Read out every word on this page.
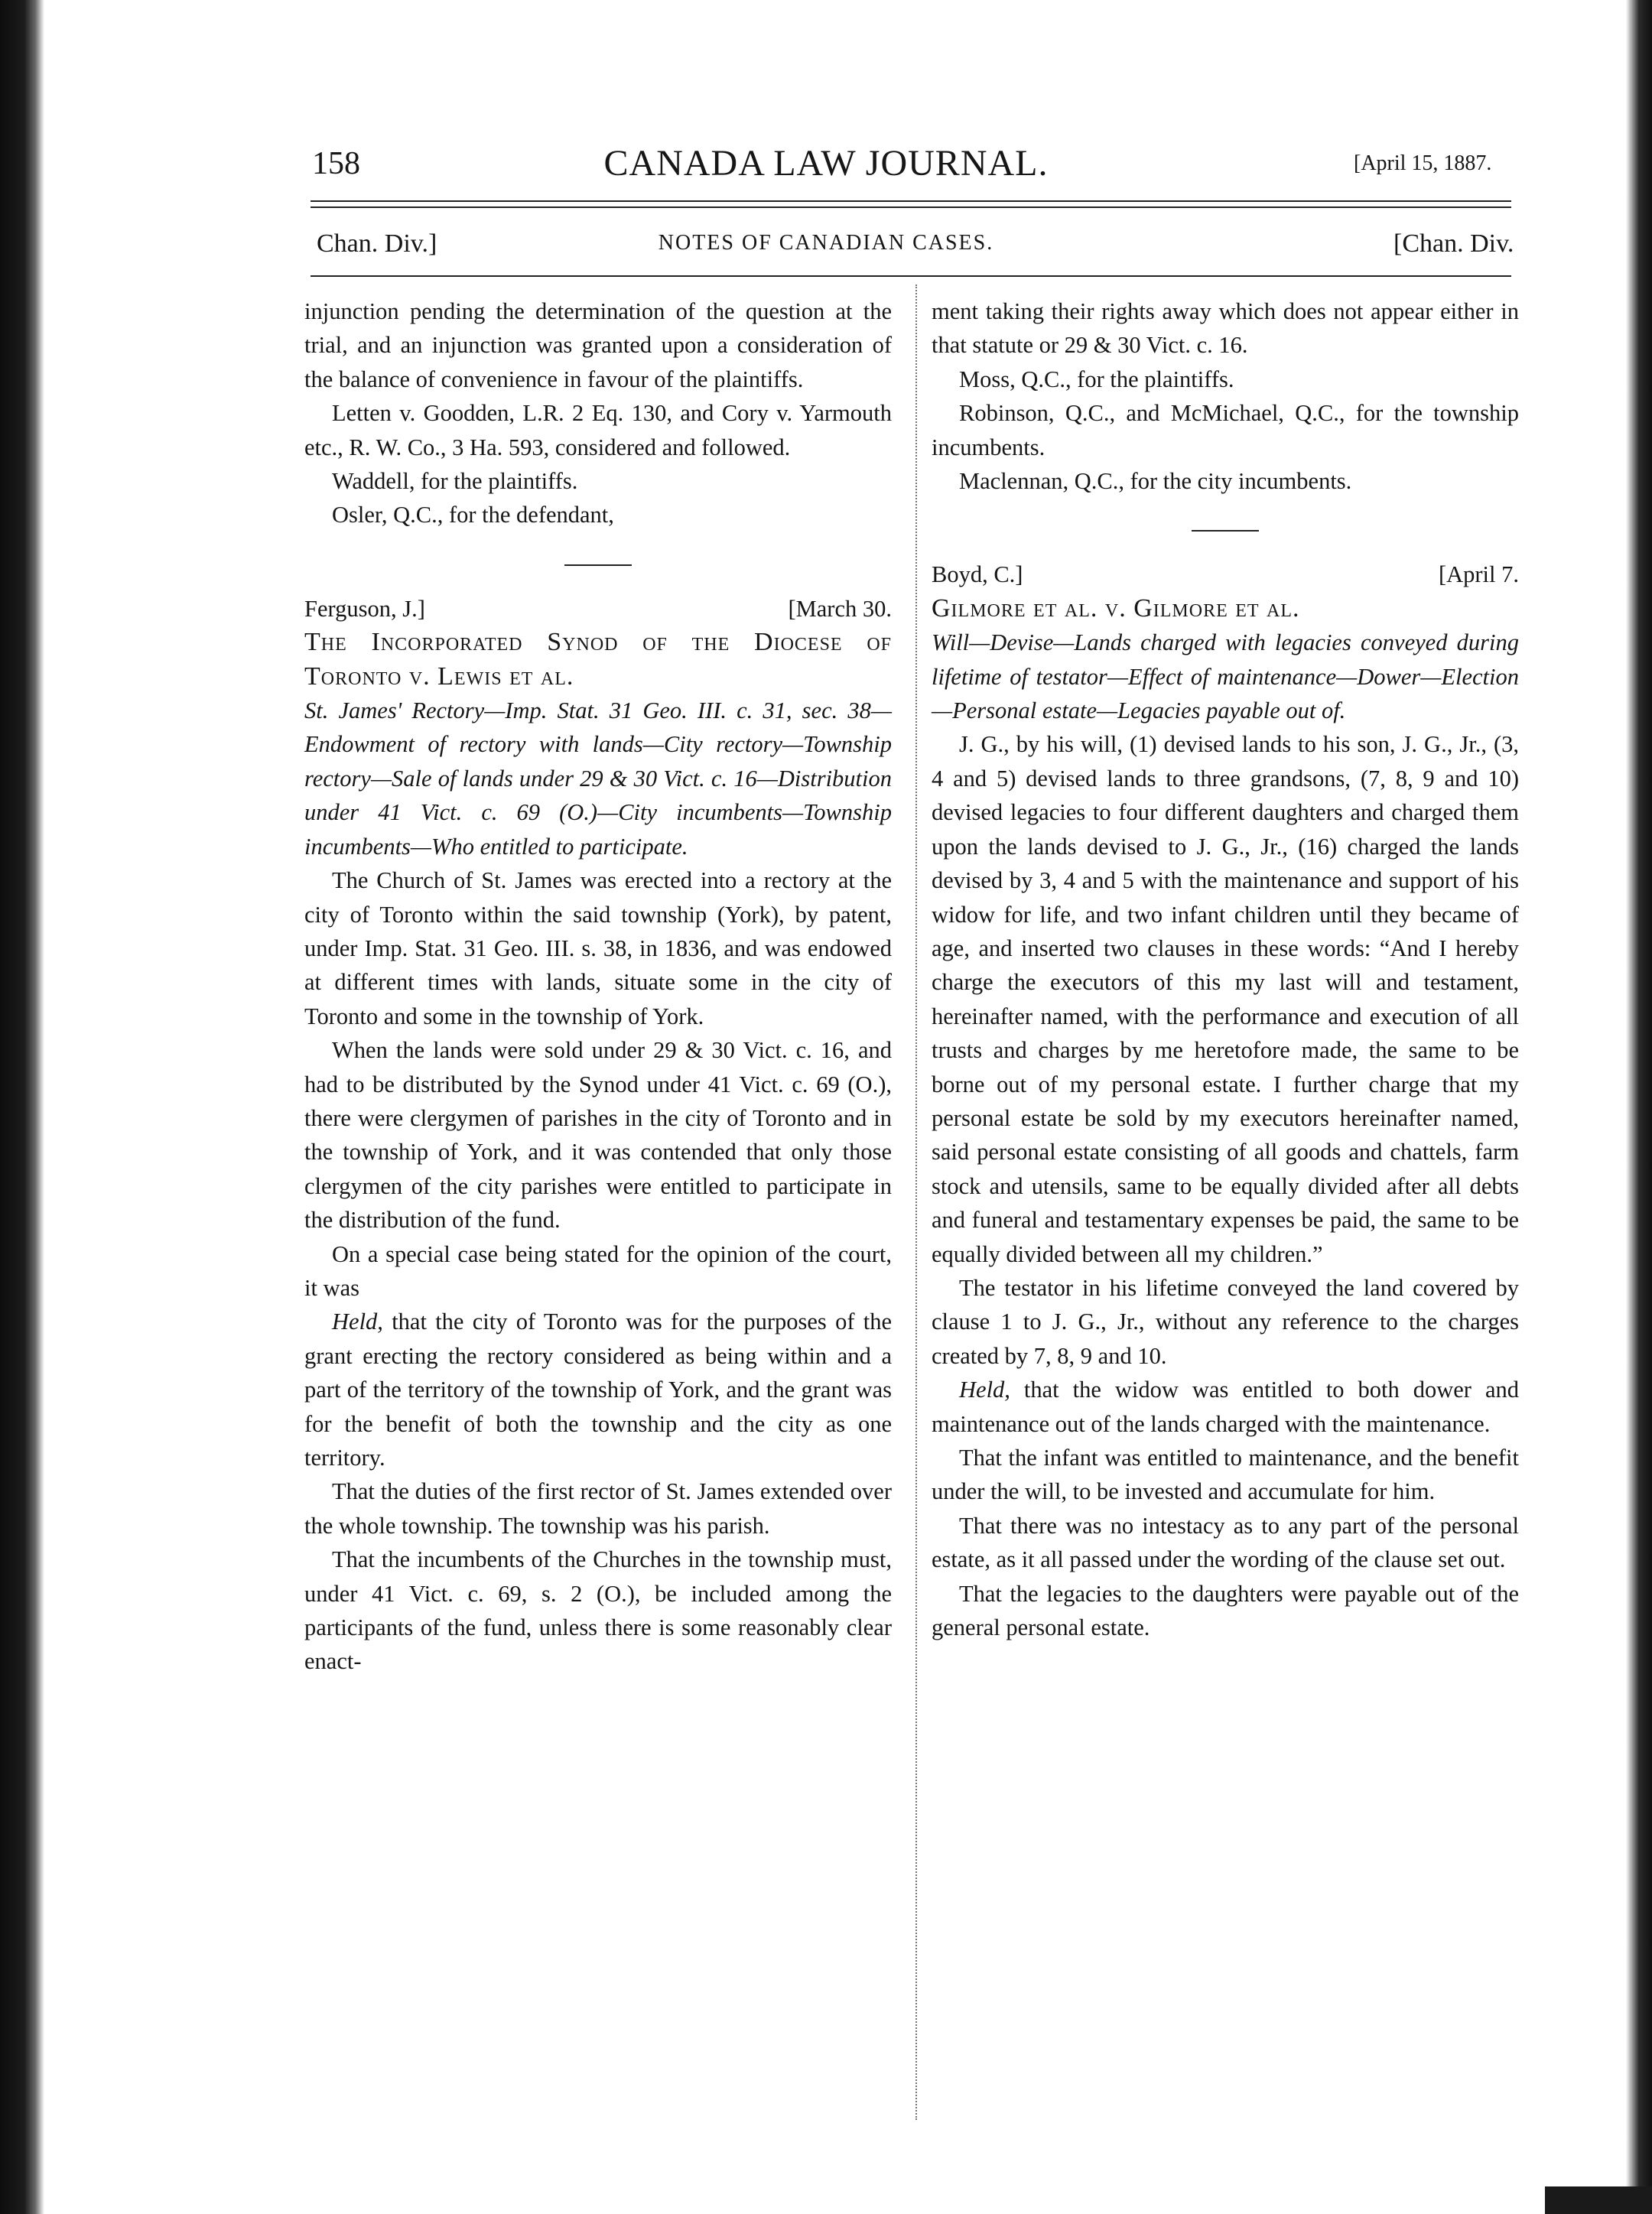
158	CANADA LAW JOURNAL.	[April 15, 1887.
Chan. Div.]	NOTES OF CANADIAN CASES.	[Chan. Div.

injunction pending the determination of the question at the trial, and an injunction was granted upon a consideration of the balance of convenience in favour of the plaintiffs.

Letten v. Goodden, L.R. 2 Eq. 130, and Cory v. Yarmouth etc., R. W. Co., 3 Ha. 593, considered and followed.

Waddell, for the plaintiffs.

Osler, Q.C., for the defendant,

Ferguson, J.]	[March 30.

The Incorporated Synod of the Diocese of Toronto v. Lewis et al.

St. James' Rectory—Imp. Stat. 31 Geo. III. c. 31, sec. 38—Endowment of rectory with lands—City rectory—Township rectory—Sale of lands under 29 & 30 Vict. c. 16—Distribution under 41 Vict. c. 69 (O.)—City incumbents—Township incumbents—Who entitled to participate.

The Church of St. James was erected into a rectory at the city of Toronto within the said township (York), by patent, under Imp. Stat. 31 Geo. III. s. 38, in 1836, and was endowed at different times with lands, situate some in the city of Toronto and some in the township of York.

When the lands were sold under 29 & 30 Vict. c. 16, and had to be distributed by the Synod under 41 Vict. c. 69 (O.), there were clergymen of parishes in the city of Toronto and in the township of York, and it was contended that only those clergymen of the city parishes were entitled to participate in the distribution of the fund.

On a special case being stated for the opinion of the court, it was

Held, that the city of Toronto was for the purposes of the grant erecting the rectory considered as being within and a part of the territory of the township of York, and the grant was for the benefit of both the township and the city as one territory.

That the duties of the first rector of St. James extended over the whole township. The township was his parish.

That the incumbents of the Churches in the township must, under 41 Vict. c. 69, s. 2 (O.), be included among the participants of the fund, unless there is some reasonably clear enact-

ment taking their rights away which does not appear either in that statute or 29 & 30 Vict. c. 16.

Moss, Q.C., for the plaintiffs.

Robinson, Q.C., and McMichael, Q.C., for the township incumbents.

Maclennan, Q.C., for the city incumbents.

Boyd, C.]	[April 7.

Gilmore et al. v. Gilmore et al.

Will—Devise—Lands charged with legacies conveyed during lifetime of testator—Effect of maintenance—Dower—Election—Personal estate—Legacies payable out of.

J. G., by his will, (1) devised lands to his son, J. G., Jr., (3, 4 and 5) devised lands to three grandsons, (7, 8, 9 and 10) devised legacies to four different daughters and charged them upon the lands devised to J. G., Jr., (16) charged the lands devised by 3, 4 and 5 with the maintenance and support of his widow for life, and two infant children until they became of age, and inserted two clauses in these words: “And I hereby charge the executors of this my last will and testament, hereinafter named, with the performance and execution of all trusts and charges by me heretofore made, the same to be borne out of my personal estate. I further charge that my personal estate be sold by my executors hereinafter named, said personal estate consisting of all goods and chattels, farm stock and utensils, same to be equally divided after all debts and funeral and testamentary expenses be paid, the same to be equally divided between all my children.”

The testator in his lifetime conveyed the land covered by clause 1 to J. G., Jr., without any reference to the charges created by 7, 8, 9 and 10.

Held, that the widow was entitled to both dower and maintenance out of the lands charged with the maintenance.

That the infant was entitled to maintenance, and the benefit under the will, to be invested and accumulate for him.

That there was no intestacy as to any part of the personal estate, as it all passed under the wording of the clause set out.

That the legacies to the daughters were payable out of the general personal estate.
